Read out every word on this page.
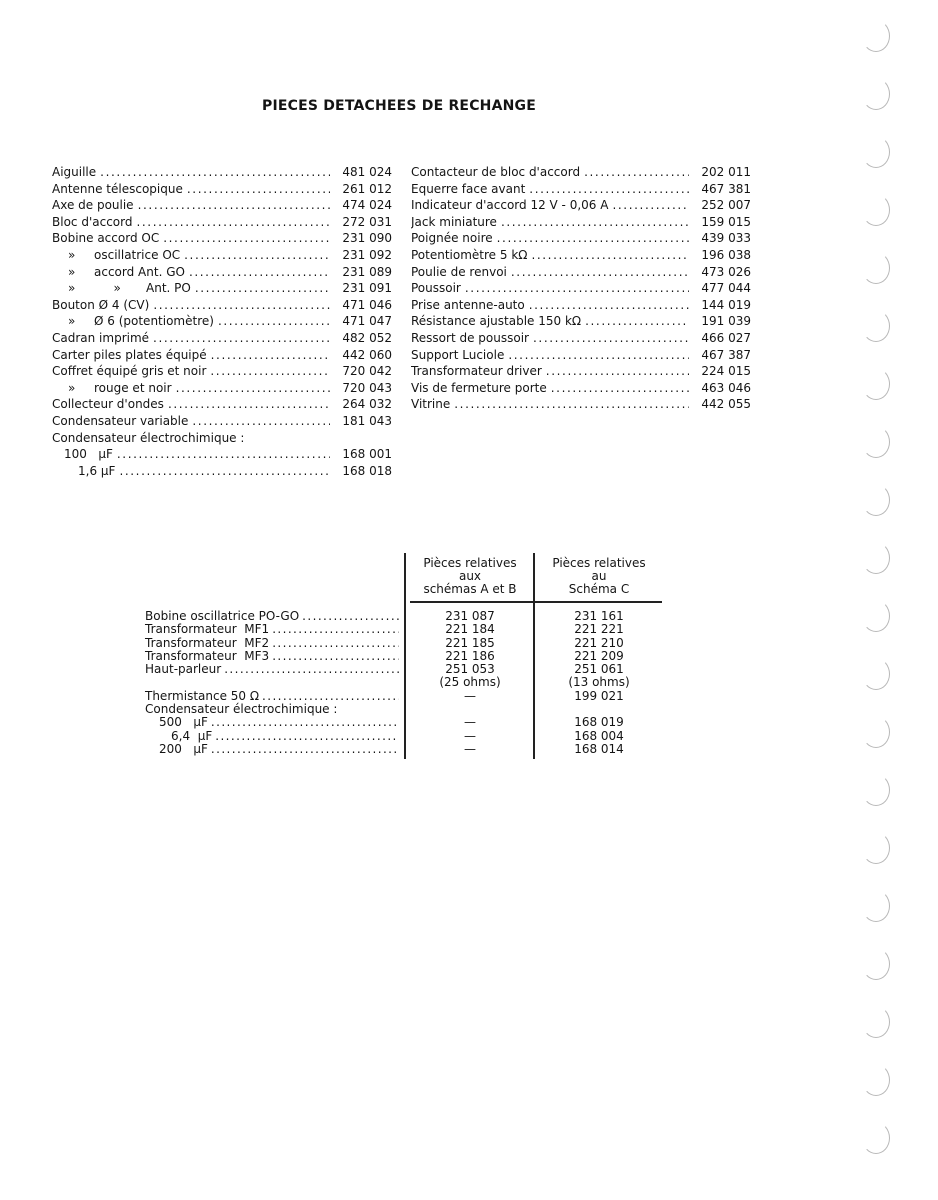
PIECES DETACHEES DE RECHANGE
Aiguille .....	481 024
Antenne télescopique .....	261 012
Axe de poulie .....	474 024
Bloc d'accord .....	272 031
Bobine accord OC .....	231 090
» oscillatrice OC .....	231 092
» accord Ant. GO .....	231 089
»          » Ant. PO .....	231 091
Bouton Ø 4 (CV) .....	471 046
» Ø 6 (potentiomètre) .....	471 047
Cadran imprimé .....	482 052
Carter piles plates équipé .....	442 060
Coffret équipé gris et noir .....	720 042
» rouge et noir .....	720 043
Collecteur d'ondes .....	264 032
Condensateur variable .....	181 043
Condensateur électrochimique :
100   µF .....	168 001
1,6 µF .....	168 018
Contacteur de bloc d'accord .....	202 011
Equerre face avant .....	467 381
Indicateur d'accord 12 V - 0,06 A .....	252 007
Jack miniature .....	159 015
Poignée noire .....	439 033
Potentiomètre 5 kΩ .....	196 038
Poulie de renvoi .....	473 026
Poussoir .....	477 044
Prise antenne-auto .....	144 019
Résistance ajustable 150 kΩ .....	191 039
Ressort de poussoir .....	466 027
Support Luciole .....	467 387
Transformateur driver .....	224 015
Vis de fermeture porte .....	463 046
Vitrine .....	442 055
Pièces relatives
aux
schémas A et B
Pièces relatives
au
Schéma C
Bobine oscillatrice PO-GO .....	231 087	231 161
Transformateur  MF1 .....	221 184	221 221
Transformateur  MF2 .....	221 185	221 210
Transformateur  MF3 .....	221 186	221 209
Haut-parleur .....	251 053	251 061
(25 ohms)	(13 ohms)
Thermistance 50 Ω .....	—	199 021
Condensateur électrochimique :
500   µF .....	—	168 019
6,4  µF .....	—	168 004
200   µF .....	—	168 014
